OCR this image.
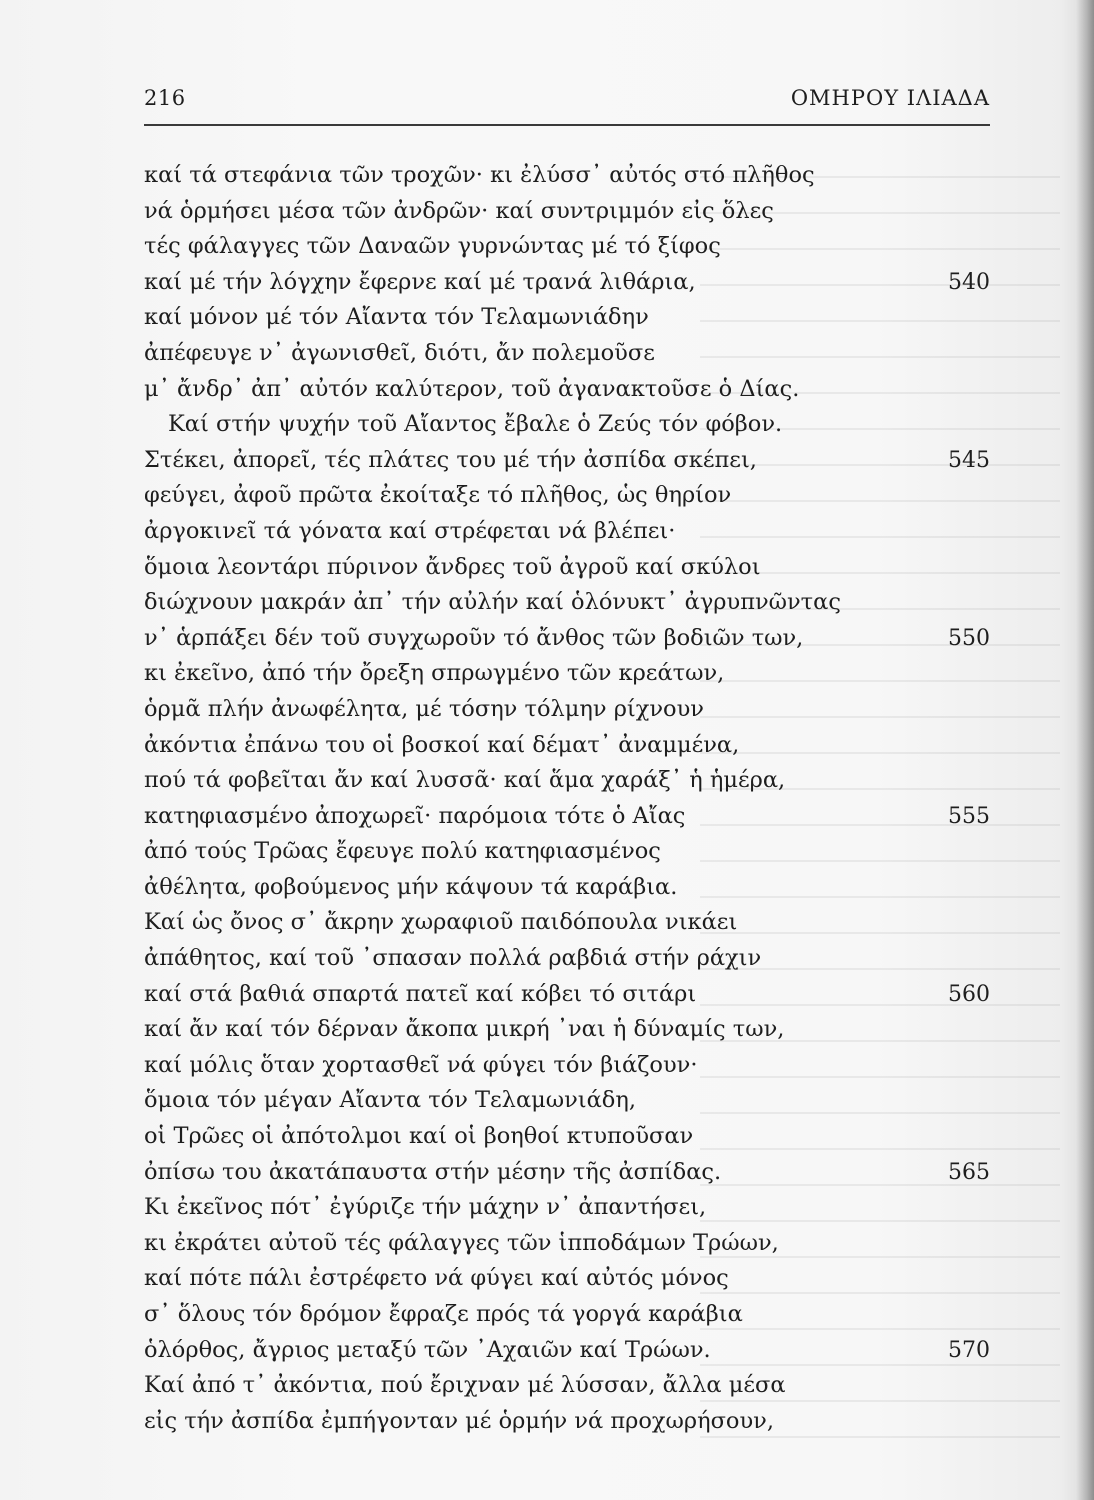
216	ΟΜΗΡΟΥ ΙΛΙΑΔΑ
καί τά στεφάνια τῶν τροχῶν· κι ἐλύσσ᾽ αὐτός στό πλῆθος
νά ὁρμήσει μέσα τῶν ἀνδρῶν· καί συντριμμόν εἰς ὅλες
τές φάλαγγες τῶν Δαναῶν γυρνώντας μέ τό ξίφος
καί μέ τήν λόγχην ἔφερνε καί μέ τρανά λιθάρια,	540
καί μόνον μέ τόν Αἴαντα τόν Τελαμωνιάδην
ἀπέφευγε ν᾽ ἀγωνισθεῖ, διότι, ἄν πολεμοῦσε
μ᾽ ἄνδρ᾽ ἀπ᾽ αὐτόν καλύτερον, τοῦ ἀγανακτοῦσε ὁ Δίας.
Καί στήν ψυχήν τοῦ Αἴαντος ἔβαλε ὁ Ζεύς τόν φόβον.
Στέκει, ἀπορεῖ, τές πλάτες του μέ τήν ἀσπίδα σκέπει,	545
φεύγει, ἀφοῦ πρῶτα ἐκοίταξε τό πλῆθος, ὡς θηρίον
ἀργοκινεῖ τά γόνατα καί στρέφεται νά βλέπει·
ὅμοια λεοντάρι πύρινον ἄνδρες τοῦ ἀγροῦ καί σκύλοι
διώχνουν μακράν ἀπ᾽ τήν αὐλήν καί ὁλόνυκτ᾽ ἀγρυπνῶντας
ν᾽ ἁρπάξει δέν τοῦ συγχωροῦν τό ἄνθος τῶν βοδιῶν των,	550
κι ἐκεῖνο, ἀπό τήν ὄρεξη σπρωγμένο τῶν κρεάτων,
ὁρμᾶ πλήν ἀνωφέλητα, μέ τόσην τόλμην ρίχνουν
ἀκόντια ἐπάνω του οἱ βοσκοί καί δέματ᾽ ἀναμμένα,
πού τά φοβεῖται ἄν καί λυσσᾶ· καί ἅμα χαράξ᾽ ἡ ἡμέρα,
κατηφιασμένο ἀποχωρεῖ· παρόμοια τότε ὁ Αἴας	555
ἀπό τούς Τρῶας ἔφευγε πολύ κατηφιασμένος
ἀθέλητα, φοβούμενος μήν κάψουν τά καράβια.
Καί ὡς ὄνος σ᾽ ἄκρην χωραφιοῦ παιδόπουλα νικάει
ἀπάθητος, καί τοῦ ᾽σπασαν πολλά ραβδιά στήν ράχιν
καί στά βαθιά σπαρτά πατεῖ καί κόβει τό σιτάρι	560
καί ἄν καί τόν δέρναν ἄκοπα μικρή ᾽ναι ἡ δύναμίς των,
καί μόλις ὅταν χορτασθεῖ νά φύγει τόν βιάζουν·
ὅμοια τόν μέγαν Αἴαντα τόν Τελαμωνιάδη,
οἱ Τρῶες οἱ ἀπότολμοι καί οἱ βοηθοί κτυποῦσαν
ὀπίσω του ἀκατάπαυστα στήν μέσην τῆς ἀσπίδας.	565
Κι ἐκεῖνος πότ᾽ ἐγύριζε τήν μάχην ν᾽ ἀπαντήσει,
κι ἐκράτει αὐτοῦ τές φάλαγγες τῶν ἱπποδάμων Τρώων,
καί πότε πάλι ἐστρέφετο νά φύγει καί αὐτός μόνος
σ᾽ ὅλους τόν δρόμον ἔφραζε πρός τά γοργά καράβια
ὁλόρθος, ἄγριος μεταξύ τῶν ᾽Αχαιῶν καί Τρώων.	570
Καί ἀπό τ᾽ ἀκόντια, πού ἔριχναν μέ λύσσαν, ἄλλα μέσα
εἰς τήν ἀσπίδα ἐμπήγονταν μέ ὁρμήν νά προχωρήσουν,
